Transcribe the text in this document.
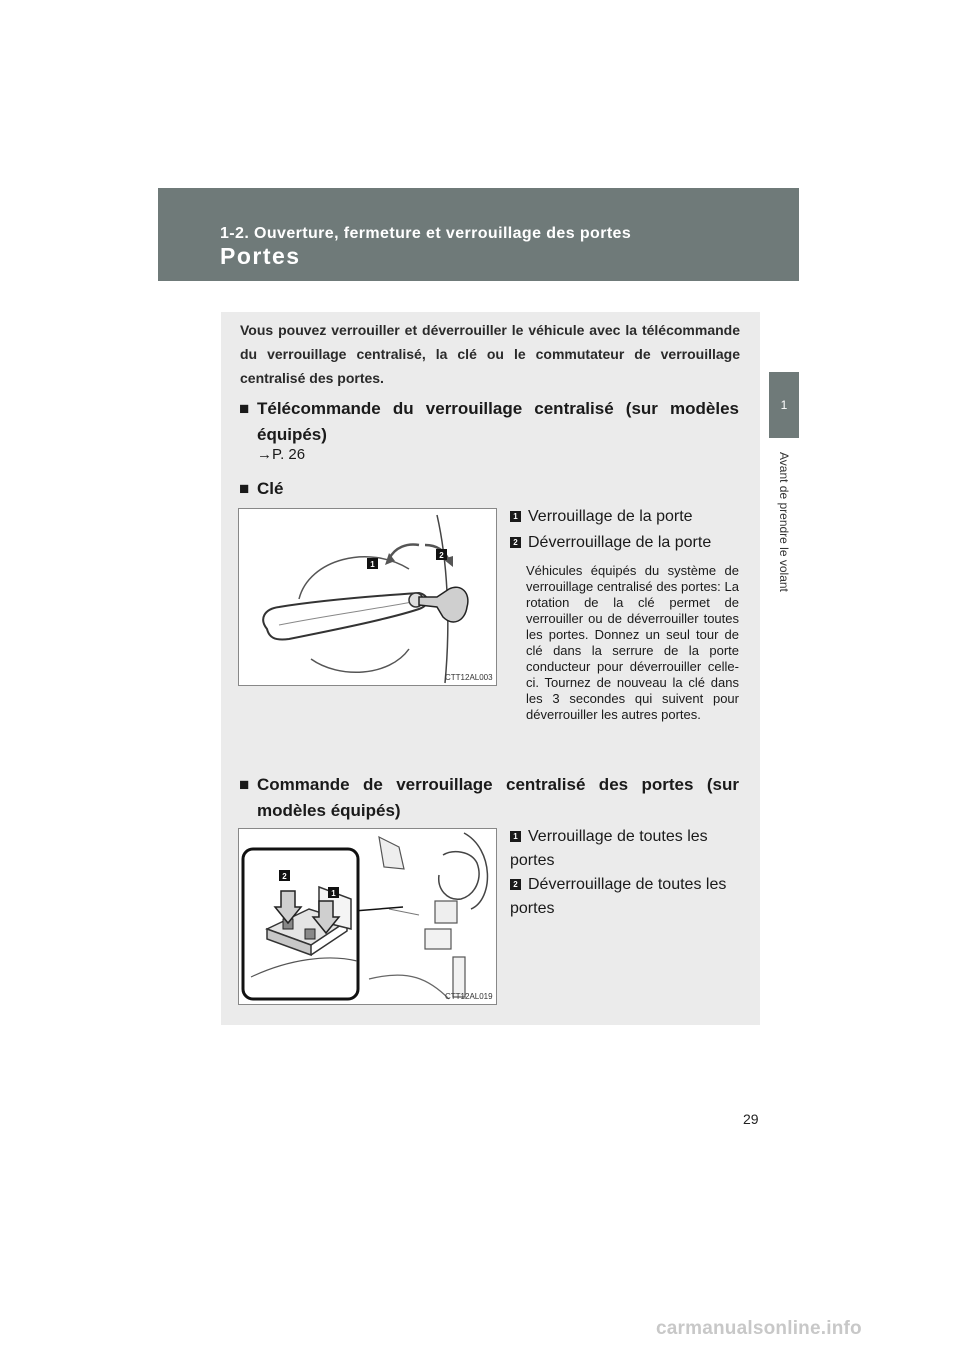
1-2. Ouverture, fermeture et verrouillage des portes
Portes
1
Avant de prendre le volant
Vous pouvez verrouiller et déverrouiller le véhicule avec la télécommande du verrouillage centralisé, la clé ou le commutateur de verrouillage centralisé des portes.
■ Télécommande du verrouillage centralisé (sur modèles équipés)
→P. 26
■ Clé
1
2
CTT12AL003
1 Verrouillage de la porte
2 Déverrouillage de la porte
Véhicules équipés du système de verrouillage centralisé des portes: La rotation de la clé permet de verrouiller ou de déverrouiller toutes les portes. Donnez un seul tour de clé dans la serrure de la porte conducteur pour déverrouiller celle-ci. Tournez de nouveau la clé dans les 3 secondes qui suivent pour déverrouiller les autres portes.
■ Commande de verrouillage centralisé des portes (sur modèles équipés)
2
1
CTT12AL019
1 Verrouillage de toutes les portes
2 Déverrouillage de toutes les portes
29
carmanualsonline.info
